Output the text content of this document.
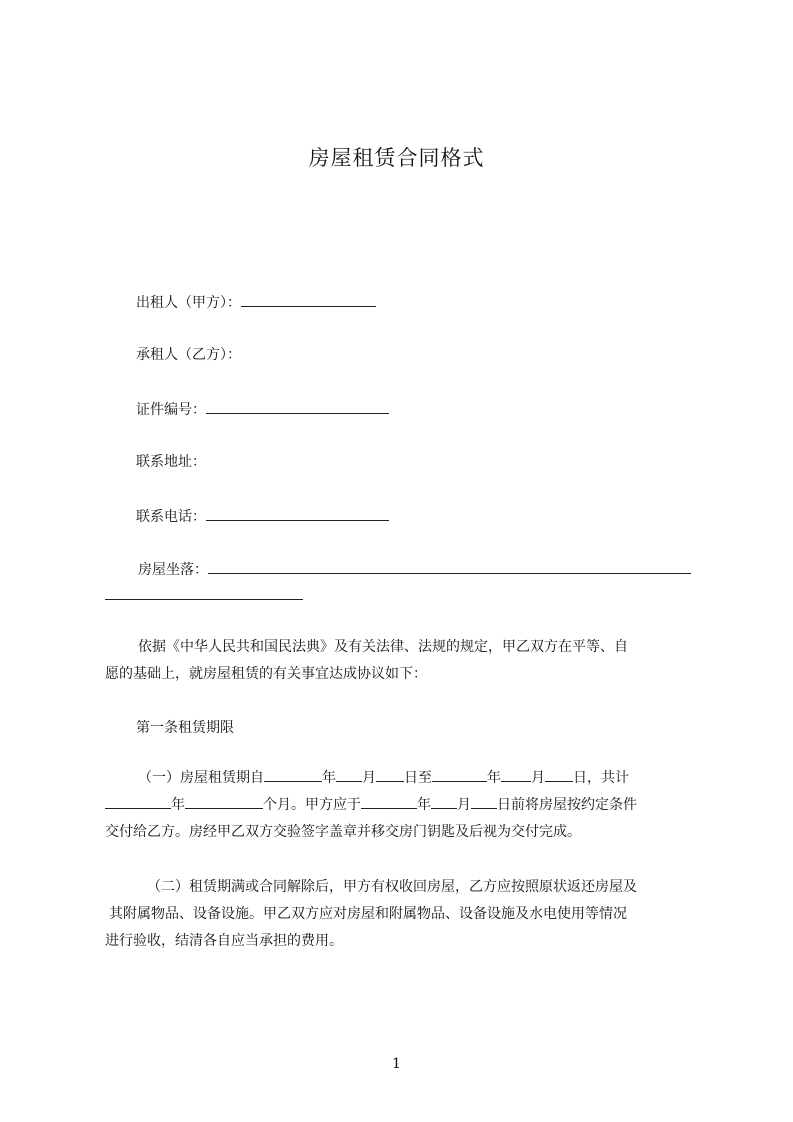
房屋租赁合同格式
出租人（甲方）：
承租人（乙方）：
证件编号：
联系地址：
联系电话：
房屋坐落：
依据《中华人民共和国民法典》及有关法律、法规的规定，甲乙双方在平等、自
愿的基础上，就房屋租赁的有关事宜达成协议如下：
第一条租赁期限
（一）房屋租赁期自	年 月 日至	年 月 日，共计
年	个月。甲方应于	年 月 日前将房屋按约定条件
交付给乙方。房经甲乙双方交验签字盖章并移交房门钥匙及后视为交付完成。
（二）租赁期满或合同解除后，甲方有权收回房屋，乙方应按照原状返还房屋及
其附属物品、设备设施。甲乙双方应对房屋和附属物品、设备设施及水电使用等情况
进行验收，结清各自应当承担的费用。
1
